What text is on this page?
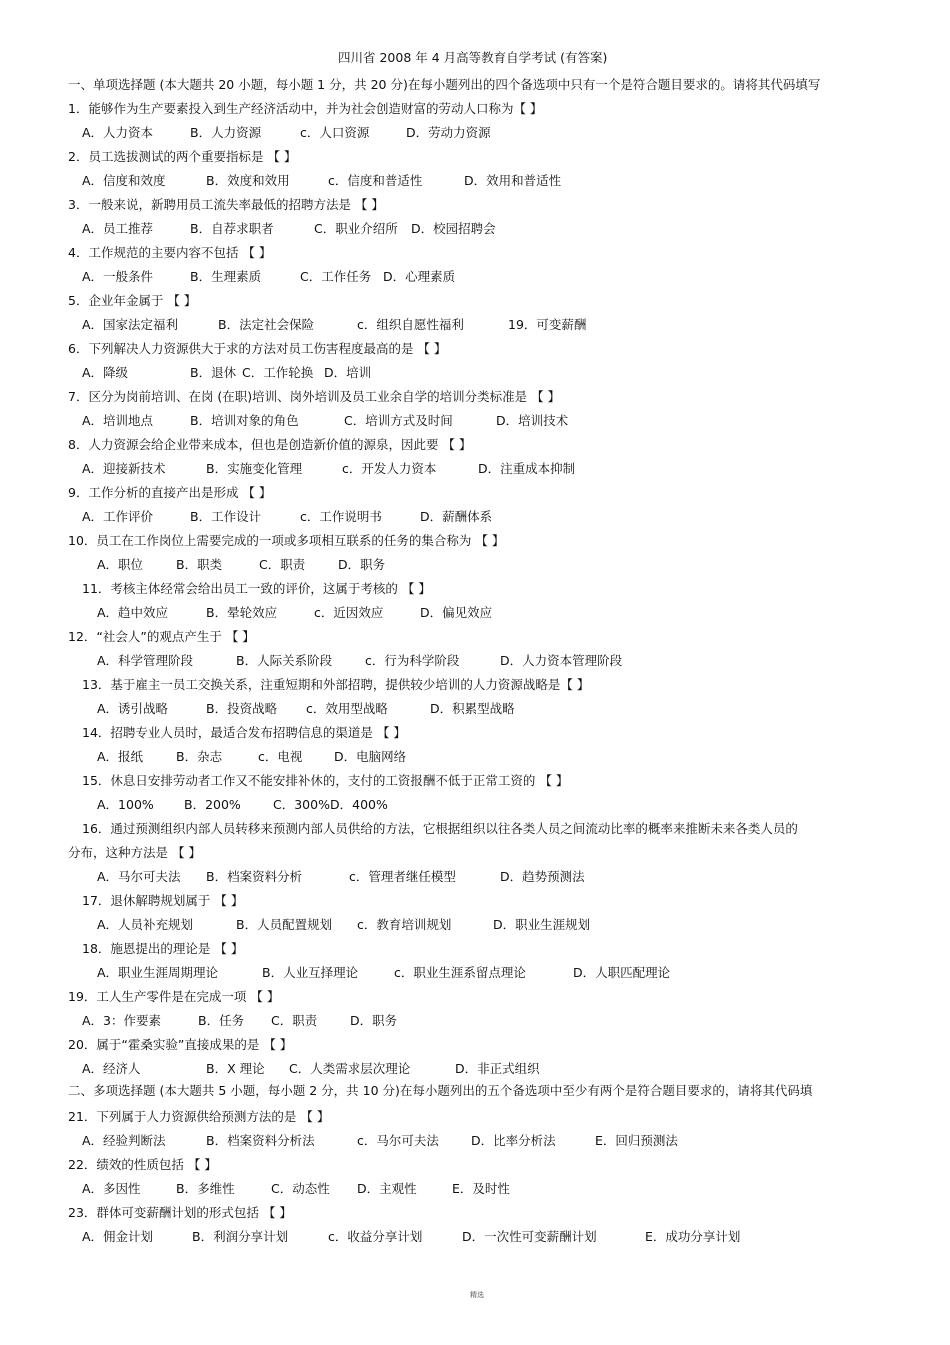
四川省 2008 年 4 月高等教育自学考试 (有答案)
一、单项选择题 (本大题共 20 小题，每小题 1 分，共 20 分)在每小题列出的四个备选项中只有一个是符合题目要求的。请将其代码填写
二、多项选择题 (本大题共 5 小题，每小题 2 分，共 10 分)在每小题列出的五个备选项中至少有两个是符合题目要求的，请将其代码填
1．能够作为生产要素投入到生产经济活动中，并为社会创造财富的劳动人口称为【 】
A．人力资本	B．人力资源	c．人口资源	D．劳动力资源
2．员工选拔测试的两个重要指标是 【 】
A．信度和效度	B．效度和效用	c．信度和普适性	D．效用和普适性
3．一般来说，新聘用员工流失率最低的招聘方法是 【 】
A．员工推荐	B．自荐求职者	C．职业介绍所 D．校园招聘会
4．工作规范的主要内容不包括 【 】
A．一般条件	B．生理素质	C．工作任务 D．心理素质
5．企业年金属于 【 】
A．国家法定福利	B．法定社会保险	c．组织自愿性福利	19．可变薪酬
6．下列解决人力资源供大于求的方法对员工伤害程度最高的是 【 】
A．降级	B．退休 C．工作轮换 D．培训
7．区分为岗前培训、在岗 (在职)培训、岗外培训及员工业余自学的培训分类标准是 【 】
A．培训地点	B．培训对象的角色	C．培训方式及时间	D．培训技术
8．人力资源会给企业带来成本，但也是创造新价值的源泉，因此要 【 】
A．迎接新技术	B．实施变化管理	c．开发人力资本	D．注重成本抑制
9．工作分析的直接产出是形成 【 】
A．工作评价	B．工作设计	c．工作说明书	D．薪酬体系
10．员工在工作岗位上需要完成的一项或多项相互联系的任务的集合称为 【 】
A．职位	B．职类	C．职责	D．职务
11．考核主体经常会给出员工一致的评价，这属于考核的 【 】
A．趋中效应	B．晕轮效应	c．近因效应	D．偏见效应
12．“社会人”的观点产生于 【 】
A．科学管理阶段	B．人际关系阶段	c．行为科学阶段	D．人力资本管理阶段
13．基于雇主一员工交换关系，注重短期和外部招聘，提供较少培训的人力资源战略是【 】
A．诱引战略	B．投资战略 c．效用型战略	D．积累型战略
14．招聘专业人员时，最适合发布招聘信息的渠道是 【 】
A．报纸	B．杂志	c．电视	D．电脑网络
15．休息日安排劳动者工作又不能安排补休的，支付的工资报酬不低于正常工资的 【 】
A．100% B．200%	C．300% D．400%
16．通过预测组织内部人员转移来预测内部人员供给的方法，它根据组织以往各类人员之间流动比率的概率来推断未来各类人员的
分布，这种方法是 【 】
A．马尔可夫法 B．档案资料分析	c．管理者继任模型	D．趋势预测法
17．退休解聘规划属于 【 】
A．人员补充规划	B．人员配置规划 c．教育培训规划	D．职业生涯规划
18．施恩提出的理论是 【 】
A．职业生涯周期理论	B．人业互择理论	c．职业生涯系留点理论	D．人职匹配理论
19．工人生产零件是在完成一项 【 】
A．3：作要素	B．任务 C．职责	D．职务
20．属于“霍桑实验”直接成果的是 【 】
A．经济人	B．X 理论 C．人类需求层次理论	D．非正式组织
21．下列属于人力资源供给预测方法的是 【 】
A．经验判断法	B．档案资料分析法	c．马尔可夫法	D．比率分析法	E．回归预测法
22．绩效的性质包括 【 】
A．多因性	B．多维性	C．动态性 D．主观性	E．及时性
23．群体可变薪酬计划的形式包括 【 】
A．佣金计划	B．利润分享计划	c．收益分享计划	D．一次性可变薪酬计划	E．成功分享计划
精选
